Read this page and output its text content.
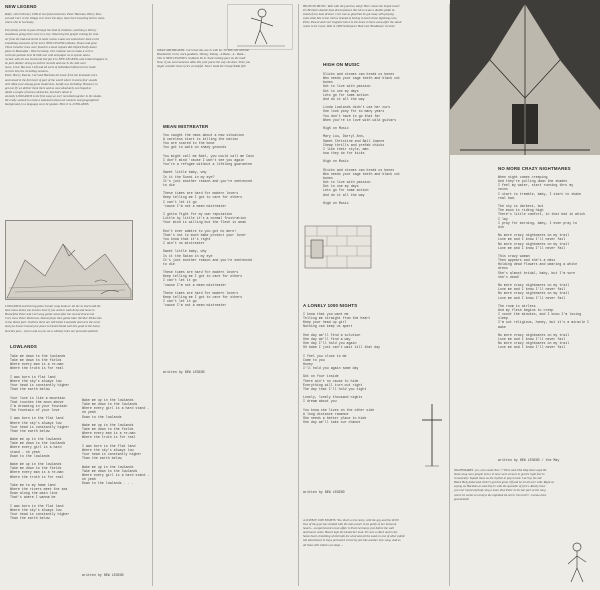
NEW LEGEND
Rolfe, 14th February 1990 at two fond memories, Peter Hartman, Harry Paw-
sal and Carl, in the village ever since the days, have been traveling hell to some-
where else in Germany.

Everybody seems to pass through the kind of windows, watching a library
moodiness going there once in a city. Observing the people coming for shel-
ter from the bad and storm in hotel rooms. Lakes are somewhere back in the
smoothing measures of the level, NEW LEGEND albums, Shows and gone.
These traveller lines were found in a book Gipsies did Oxford Daily dance
place in Mannadie - West Germany. One rotation was to make a vell re-
cord one passion here & little one with and paper as to spend. And a
record, with all one loved and lost put it in NEW LEGEND, and it dared happen to
be part, Rather strong so old the records and one in the side were
more, I.O.d. But and, I left and all sorts of individual influences the leads
current into the recording sessions,
Peter, Harry, Pascal, Carl and Hartman all music from the lowlands, born
and raised in the full heart of part of the world where it seems four sounds
still. Most your among great tenderness, hardly any including. However, to
get one fly we deliver them there and so west absolutely out hinged to
admit a couple of known memories, but that's about it.
At lastly LOWLANDS is the first song we ever recorded together in the studio.
We really wanted to create a statement about our musical and geographical
background, in a language as to be spoken. Here it is, LOWLANDS.
LOWLANDS and this big-pink circular song book at: all the so much and the
base know about you need to have if you need to walk & lip and move in
Hoosefeld. Peter and Carl song guitar solos after the second chorus but
Carl, then, Peter Pavlicova. Pascal plays then guitar kids. Werther Pleine kits
in the theme part. I believe there are still better Lowlands and were the never
and you haven't heard your place to Deutschland well this good in the honey
bunches pure - just to and so you see a whiskey lines our personal sadness!
LOWLANDS
Take me down to the lowlands
Take me down to the fields
Where every man is a re-man
Where the truth is for real

I was born in flat land
Where the sky's always low
Your head is constantly higher
Than the earth below

Your love is like a mountain
That touches the moon above
I'm drowning in your fountain
The fountain of your love

I was born in the flat land
Where the sky's always low
Your head is constantly higher
Than the earth below

Wake me up in the lowlands
Take me down to the lowlands
Where every girl is a hard stand - oh yeah
Down to the lowlands

Wake me up in the lowlands
Take me down to the fields
Where every man is a re-man
Where the truth is for real

Take me to my home land
Where the rivers meet the sea
Down along the main line
That's where I wanna be

I was born in the flat land
Where the sky's always low
Your head is constantly higher
Than the earth below
Wake me up in the lowlands
Take me down to the lowlands
Where every girl is a hard stand - oh yeah
Down to the lowlands

Wake me up in the lowlands
Take me down to the fields
Where every man is a re-man
Where the truth is for real

I was born in the flat land
Where the sky's always low
Your head is constantly higher
Than the earth below

Wake me up in the lowlands
Take me down to the lowlands
Where every girl is a hard stand - oh yeah
Down to the lowlands . . .
written by NEW LEGEND
MEAN MISTREATER: Carl tried this one in with his '50 Tele, she with the
Headwelter in the work gandkiss. Timing, Timing - A Bank... A - Bank...
This is NEW LEGEND's residents hit in 'hard rocking pace on the road'
Now, if you went someone alike this your paces the way she does. Then you
might consider these lyrics as helpful. Never mind the Cheap Wikki full!
MEAN MISTREATER
You caught the news about a new situation
A careless start is killing the nation
You are scared to the bone
You got to walk on shady grounds

You might call me Abel, you could call me Cain
I don't mind 'cause I won't see you again
You're a refugee without a lifelong guarantee

Sweet little baby, why
Is it the Sunni in my eye?
It's just another reason and you're sentenced
to die

These times are hard for modern lovers
Keep telling me I got to care for others
I can't let it go
'cause I'm not a mean mistreater

I gotta fight for my own reputation
Little by little it's a normal frustration
Your mind is willing but the flesh is weak

Don't ever admire to you got no more!
That's not to much babe protect your lover
You know that it's right
I ain't no mistreater

Sweet little baby, why
Is it the Satan in my eye
It's just another reason and you're sentenced
to die

These times are hard for modern lovers
Keep telling me I got to care for others
I can't let it go
'cause I'm not a mean mistreater

These times are hard for modern lovers
Keep telling me I got to care for others
I can't let it go
'cause I'm not a mean mistreater
written by NEW LEGEND
HIGH ON MUSIC: Roll with the punches, baby! Here comes the bright track!
It's Berlina's double bass drums feature this hit to scare a double pedal in-
stead of two bass drums!. Carl was so glad that he got away with playing
some slide bits in the chorus instead of having to learn those lightning-runs.
Peter, Pascal and Carl singhole hits it to the tunes in there anna-after the stand
wants to be Cyan!. Roll in 1980 hello!pass! 'Roll over Bradbaum' version!
HIGH ON MUSIC
Slicks and stones can break us bones
Who needs your sage teeth and black cut
bones
Got to live with passion
Got to use my days
Lets go for some action
And do it all the way

Linda Lowlands didn't use her curs
One look pony for so many years
You don't have to go that far
When you're in love with wild guitars

High on Music

Mary Lou, Darryl Ann,
Sweet Christine and Ball Joanne
Cheap thrills and prefab chicks
I like their style, man
how they do for kicks

High on Music

Sticks and stones can break us bones
Who needs your sage teeth and black cut
bones
Got to live with passion
Got to use my days
Lets go for some action
And do it all the way

High on Music
A LONELY 1000 NIGHTS
I know that you want me
Telling me straight from the heart
Keep your head up girl
Nothing can keep us apart

One day we'll find a solution
One day we'll find a way
One day I'll hold you again
Oh babe I just can't wait till that day

I feel you close to me
Come to you
Honey
I'll hold you again some day

Got on four inside
There ain't no cause to hide
Everything will turn out right
The day that I'll hold you tight

Lonely, lonely thousand nights
I dream about you

You know she lives on the other side
A long distance romance
She needs a better place to hide
One day we'll take our chance
written by NEW LEGEND
A LONELY 1000 NIGHTS: Yes, that's a true story, with the guy and the thrill!
One of the guys has winked with the man owner to be guilty of her innocent
hearts... A experienced a love affair in East Germany, just before the wall
and leaves came. Hasn't kept the Deutscher look. It's sure a stitch and in the
Some heart, breathing whilst both the wind and all the sand, in one of other public
toil attachment. It stays pursued it correctly just like another love song. And as
all those still embers are deep ...
NO MORE CRAZY NIGHTMARES
When night comes creeping
And they're pulling down the shades
I feel my water, start running thru my
veins
I start to tremble, baby, I start to shake
real bad.

The sky is darkest, but
The moon is riding high
There's little comfort, in that bed in which
I lay
I pray for morning, baby, I even pray to
die

No more crazy nightmares on my trail
Love me and I know I'll never fail
No more crazy nightmares on my trail
Love me and I know I'll never fail

This crazy woman
Then appears and she's a mess
Holding dead flowers and wearing a white
dress
She's almost bridal, baby, but I'm sure
she's dead!

No more crazy nightmares on my trail
Love me and I know I'll never fail
No more crazy nightmares on my trail
Love me and I know I'll never fail

The room is airless
And my flesh begins to creep
I count the minutes, and I know I'm losing
sleep
I'm out religious, honey, but it's a miracle I
wake

No more crazy nightmares on my trail
Love me and I know I'll never fail
No more crazy nightmares on my trail
Love me and I know I'll never fail
written by NEW LEGEND / the May
NIGHTMARES: yes, who needs New ?? Here and USA Wap times aspirild.
Some song were people lyrics. It once were at such to get the right feel to
it musically. Topath these as the rhythm in pop record. Carl lay the old
Black Holy pedal and. Peter's got this great riff and he let all over with. Right as
saying no Hartman as and they're with the sporadic of lyrics. Rarely have
you ever heard anybody sing a more than Peter in his bar part at the song
where he seems to conveys the nightmarish terror his lord!!! - Gonna have
guaranteed!
